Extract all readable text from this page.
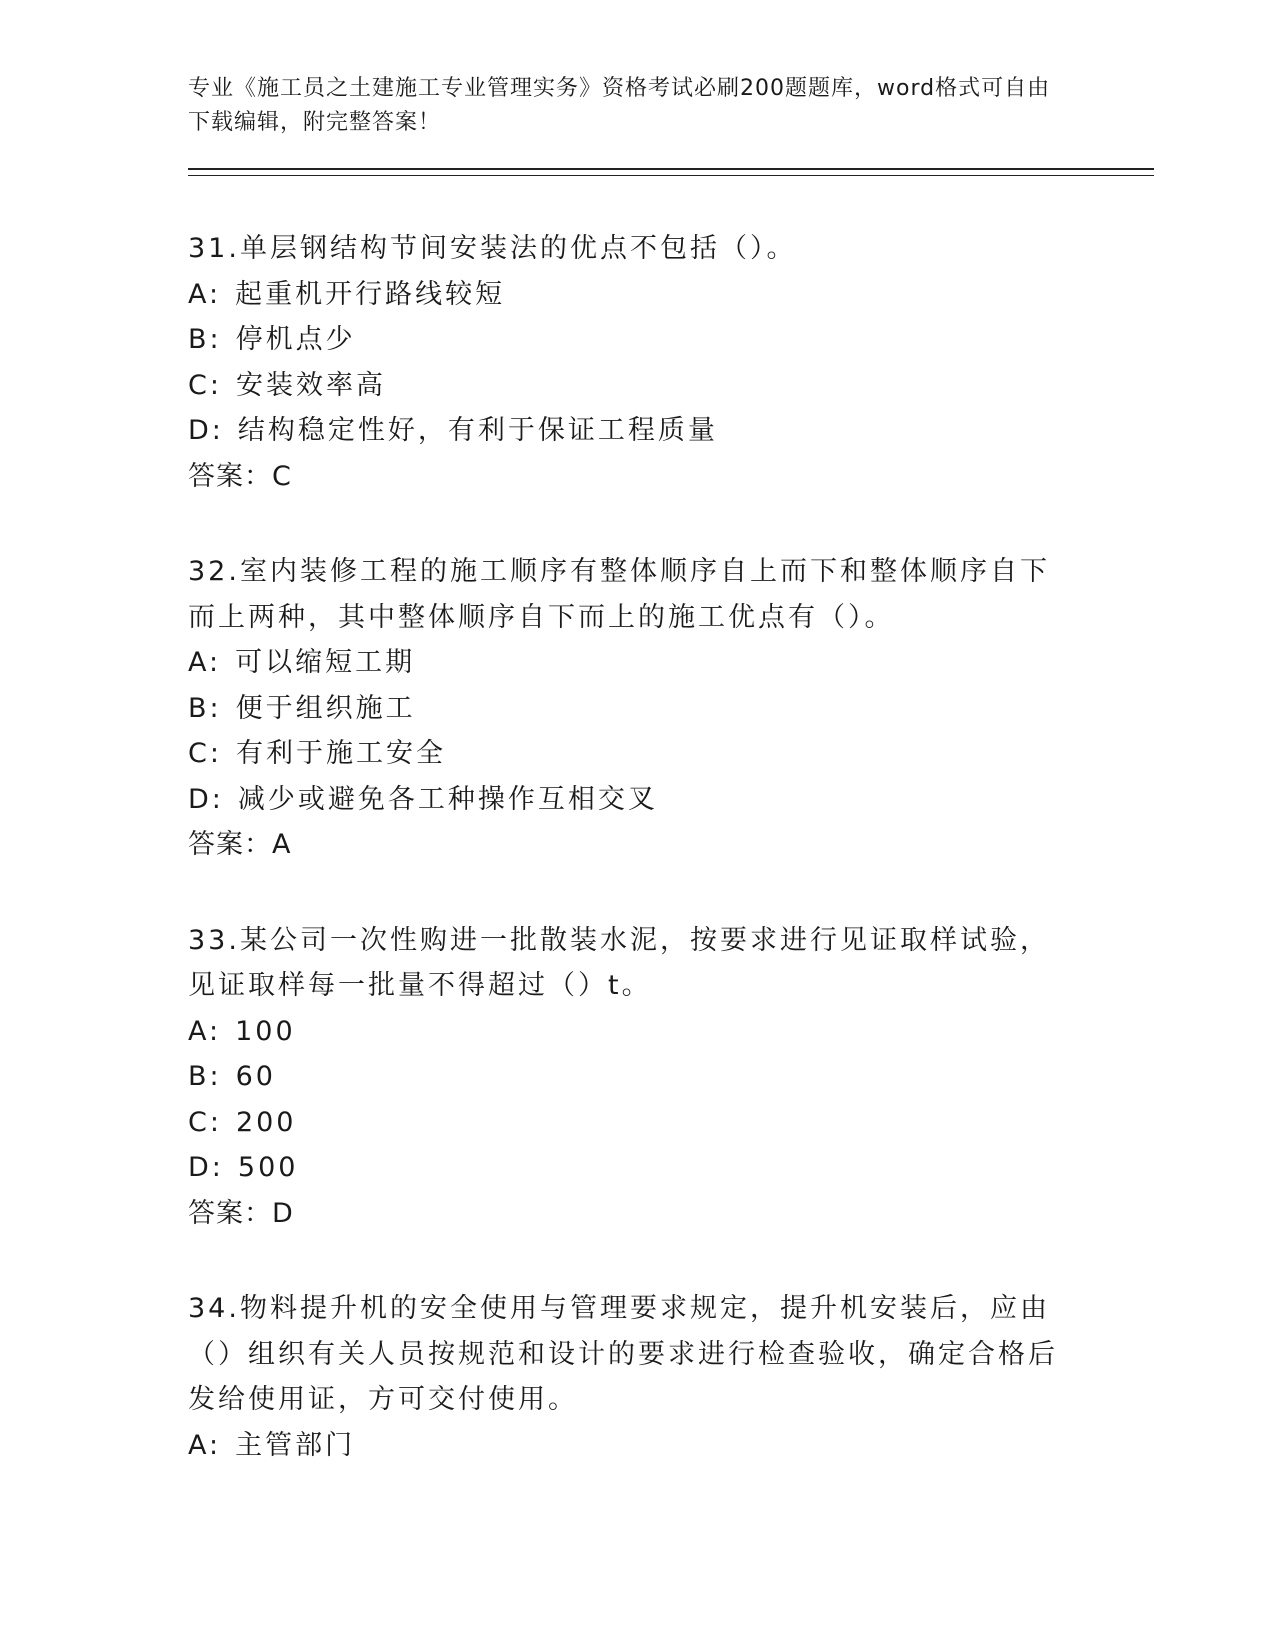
专业《施工员之土建施工专业管理实务》资格考试必刷200题题库，word格式可自由下载编辑，附完整答案！

31.单层钢结构节间安装法的优点不包括（）。

A: 起重机开行路线较短

B: 停机点少

C: 安装效率高

D: 结构稳定性好，有利于保证工程质量

答案：C

32.室内装修工程的施工顺序有整体顺序自上而下和整体顺序自下而上两种，其中整体顺序自下而上的施工优点有（）。

A: 可以缩短工期

B: 便于组织施工

C: 有利于施工安全

D: 减少或避免各工种操作互相交叉

答案：A

33.某公司一次性购进一批散装水泥，按要求进行见证取样试验，见证取样每一批量不得超过（）t。

A: 100

B: 60

C: 200

D: 500

答案：D

34.物料提升机的安全使用与管理要求规定，提升机安装后，应由（）组织有关人员按规范和设计的要求进行检查验收，确定合格后发给使用证，方可交付使用。

A: 主管部门
